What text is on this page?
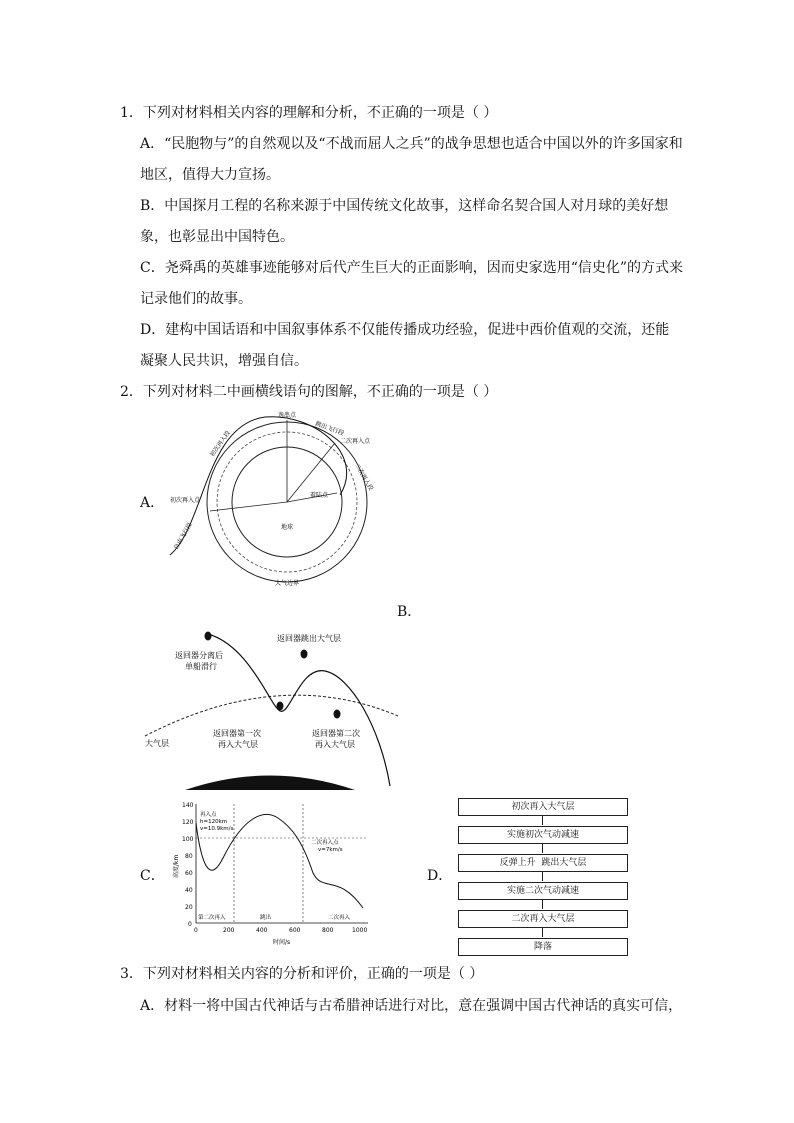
1．下列对材料相关内容的理解和分析，不正确的一项是（ ）
A．“民胞物与”的自然观以及“不战而屈人之兵”的战争思想也适合中国以外的许多国家和
地区，值得大力宣扬。
B．中国探月工程的名称来源于中国传统文化故事，这样命名契合国人对月球的美好想
象，也彰显出中国特色。
C．尧舜禹的英雄事迹能够对后代产生巨大的正面影响，因而史家选用“信史化”的方式来
记录他们的故事。
D．建构中国话语和中国叙事体系不仅能传播成功经验，促进中西价值观的交流，还能
凝聚人民共识，增强自信。
2．下列对材料二中画横线语句的图解，不正确的一项是（ ）
A．
逸出点
跳出飞行段
二次再入点
二次再入段
初次再入段
初次再入点
着陆点
自由飞行段	地球
大气边界
B．
返回器分离后
单船滑行
返回器跳出大气层
返回器第一次
再入大气层
返回器第二次
再入大气层
大气层
C．
140
120
100
80
60
40
20
0
0	200	400	600	800	1000
再入点
h=120km
v=10.9km/s
二次再入点
v=7km/s
高度/km
时间/s
第二次再入	跳出	二次再入
D．
初次再入大气层
实施初次气动减速
反弹上升  跳出大气层
实施二次气动减速
二次再入大气层
降落
3．下列对材料相关内容的分析和评价，正确的一项是（ ）
A．材料一将中国古代神话与古希腊神话进行对比，意在强调中国古代神话的真实可信，
